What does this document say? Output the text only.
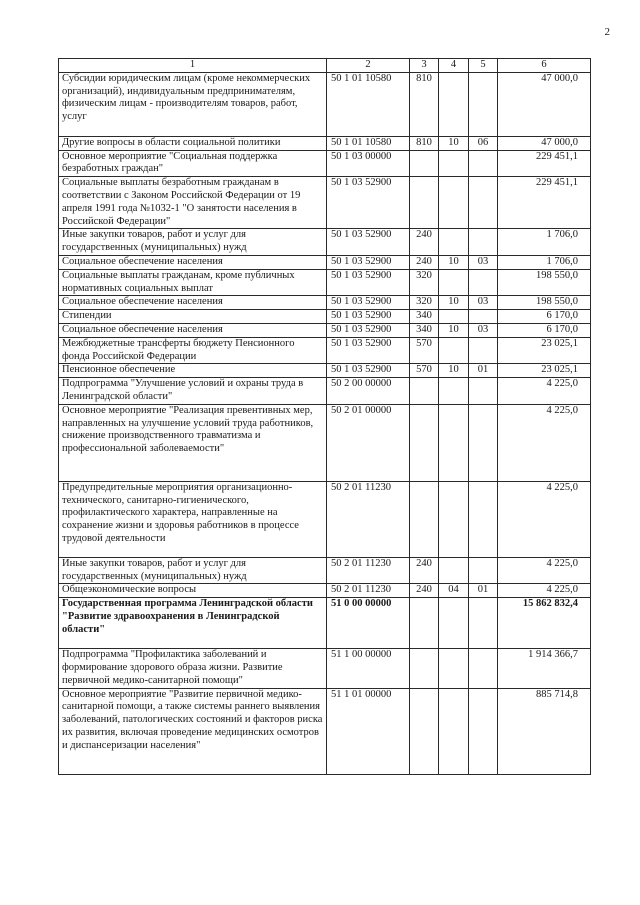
2
1	2	3	4	5	6
Субсидии юридическим лицам (кроме некоммерческих организаций), индивидуальным предпринимателям, физическим лицам - производителям товаров, работ, услуг	50 1 01 10580	810			47 000,0
Другие вопросы в области социальной политики	50 1 01 10580	810	10	06	47 000,0
Основное мероприятие "Социальная поддержка безработных граждан"	50 1 03 00000				229 451,1
Социальные выплаты безработным гражданам в соответствии с Законом Российской Федерации от 19 апреля 1991 года №1032-1 "О занятости населения в Российской Федерации"	50 1 03 52900				229 451,1
Иные закупки товаров, работ и услуг для государственных (муниципальных) нужд	50 1 03 52900	240			1 706,0
Социальное обеспечение населения	50 1 03 52900	240	10	03	1 706,0
Социальные выплаты гражданам, кроме публичных нормативных социальных выплат	50 1 03 52900	320			198 550,0
Социальное обеспечение населения	50 1 03 52900	320	10	03	198 550,0
Стипендии	50 1 03 52900	340			6 170,0
Социальное обеспечение населения	50 1 03 52900	340	10	03	6 170,0
Межбюджетные трансферты бюджету Пенсионного фонда Российской Федерации	50 1 03 52900	570			23 025,1
Пенсионное обеспечение	50 1 03 52900	570	10	01	23 025,1
Подпрограмма "Улучшение условий и охраны труда в Ленинградской области"	50 2 00 00000				4 225,0
Основное мероприятие "Реализация превентивных мер, направленных на улучшение условий труда работников, снижение производственного травматизма и профессиональной заболеваемости"	50 2 01 00000				4 225,0
Предупредительные мероприятия организационно-технического, санитарно-гигиенического, профилактического характера, направленные на сохранение жизни и здоровья работников в процессе трудовой деятельности	50 2 01 11230				4 225,0
Иные закупки товаров, работ и услуг для государственных (муниципальных) нужд	50 2 01 11230	240			4 225,0
Общеэкономические вопросы	50 2 01 11230	240	04	01	4 225,0
Государственная программа Ленинградской области "Развитие здравоохранения в Ленинградской области"	51 0 00 00000				15 862 832,4
Подпрограмма "Профилактика заболеваний и формирование здорового образа жизни. Развитие первичной медико-санитарной помощи"	51 1 00 00000				1 914 366,7
Основное мероприятие "Развитие первичной медико-санитарной помощи, а также системы раннего выявления заболеваний, патологических состояний и факторов риска их развития, включая проведение медицинских осмотров и диспансеризации населения"	51 1 01 00000				885 714,8
